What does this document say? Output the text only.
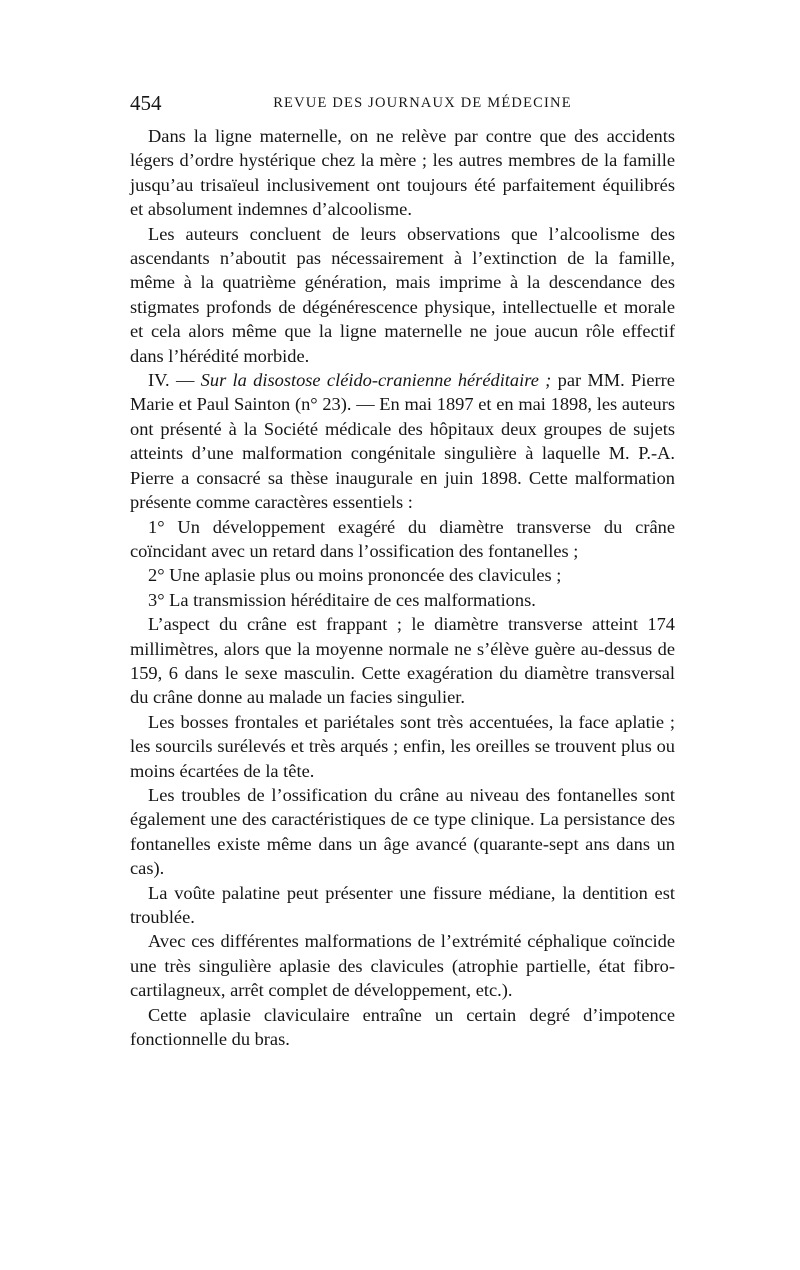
454	REVUE DES JOURNAUX DE MÉDECINE

Dans la ligne maternelle, on ne relève par contre que des accidents légers d’ordre hystérique chez la mère ; les autres membres de la famille jusqu’au trisaïeul inclusivement ont toujours été parfaitement équilibrés et absolument indemnes d’alcoolisme.

Les auteurs concluent de leurs observations que l’alcoolisme des ascendants n’aboutit pas nécessairement à l’extinction de la famille, même à la quatrième génération, mais imprime à la descendance des stigmates profonds de dégénérescence physique, intellectuelle et morale et cela alors même que la ligne maternelle ne joue aucun rôle effectif dans l’hérédité morbide.

IV. — Sur la disostose cléido-cranienne héréditaire ; par MM. Pierre Marie et Paul Sainton (n° 23). — En mai 1897 et en mai 1898, les auteurs ont présenté à la Société médicale des hôpitaux deux groupes de sujets atteints d’une malformation congénitale singulière à laquelle M. P.-A. Pierre a consacré sa thèse inaugurale en juin 1898. Cette malformation présente comme caractères essentiels :

1° Un développement exagéré du diamètre transverse du crâne coïncidant avec un retard dans l’ossification des fontanelles ;

2° Une aplasie plus ou moins prononcée des clavicules ;

3° La transmission héréditaire de ces malformations.

L’aspect du crâne est frappant ; le diamètre transverse atteint 174 millimètres, alors que la moyenne normale ne s’élève guère au-dessus de 159, 6 dans le sexe masculin. Cette exagération du diamètre transversal du crâne donne au malade un facies singulier.

Les bosses frontales et pariétales sont très accentuées, la face aplatie ; les sourcils surélevés et très arqués ; enfin, les oreilles se trouvent plus ou moins écartées de la tête.

Les troubles de l’ossification du crâne au niveau des fontanelles sont également une des caractéristiques de ce type clinique. La persistance des fontanelles existe même dans un âge avancé (quarante-sept ans dans un cas).

La voûte palatine peut présenter une fissure médiane, la dentition est troublée.

Avec ces différentes malformations de l’extrémité céphalique coïncide une très singulière aplasie des clavicules (atrophie partielle, état fibro-cartilagneux, arrêt complet de développement, etc.).

Cette aplasie claviculaire entraîne un certain degré d’impotence fonctionnelle du bras.
